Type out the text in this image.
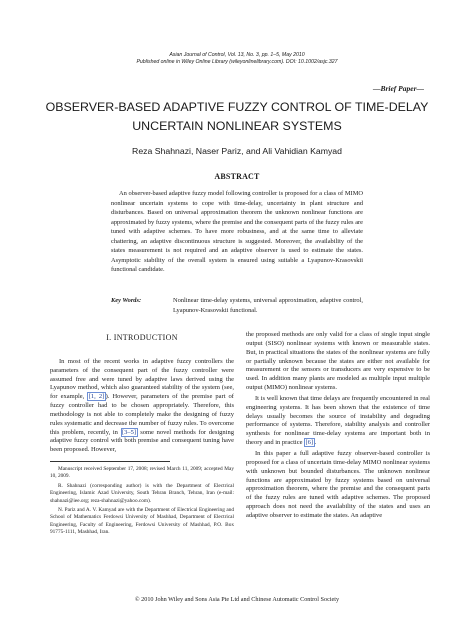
Asian Journal of Control, Vol. 13, No. 3, pp. 1–5, May 2010
Published online in Wiley Online Library (wileyonlinelibrary.com). DOI: 10.1002/asjc.327
—Brief Paper—
OBSERVER-BASED ADAPTIVE FUZZY CONTROL OF TIME-DELAY UNCERTAIN NONLINEAR SYSTEMS
Reza Shahnazi, Naser Pariz, and Ali Vahidian Kamyad
ABSTRACT
An observer-based adaptive fuzzy model following controller is proposed for a class of MIMO nonlinear uncertain systems to cope with time-delay, uncertainty in plant structure and disturbances. Based on universal approximation theorem the unknown nonlinear functions are approximated by fuzzy systems, where the premise and the consequent parts of the fuzzy rules are tuned with adaptive schemes. To have more robustness, and at the same time to alleviate chattering, an adaptive discontinuous structure is suggested. Moreover, the availability of the states measurement is not required and an adaptive observer is used to estimate the states. Asymptotic stability of the overall system is ensured using suitable a Lyapunov-Krasovskii functional candidate.
Key Words:	Nonlinear time-delay systems, universal approximation, adaptive control, Lyapunov-Krasovskii functional.
I. INTRODUCTION

In most of the recent works in adaptive fuzzy controllers the parameters of the consequent part of the fuzzy controller were assumed free and were tuned by adaptive laws derived using the Lyapunov method, which also guaranteed stability of the system (see, for example, [1, 2]). However, parameters of the premise part of fuzzy controller had to be chosen appropriately. Therefore, this methodology is not able to completely make the designing of fuzzy rules systematic and decrease the number of fuzzy rules. To overcome this problem, recently, in [3–5] some novel methods for designing adaptive fuzzy control with both premise and consequent tuning have been proposed. However,

Manuscript received September 17, 2008; revised March 11, 2009; accepted May 10, 2009.

R. Shahnazi (corresponding author) is with the Department of Electrical Engineering, Islamic Azad University, South Tehran Branch, Tehran, Iran (e-mail: shahnazi@iee.org; reza-shahnazi@yahoo.com).

N. Pariz and A. V. Kamyad are with the Department of Electrical Engineering and School of Mathematics Ferdowsi University of Mashhad, Department of Electrical Engineering, Faculty of Engineering, Ferdowsi University of Mashhad, P.O. Box 91775-1111, Mashhad, Iran.

the proposed methods are only valid for a class of single input single output (SISO) nonlinear systems with known or measurable states. But, in practical situations the states of the nonlinear systems are fully or partially unknown because the states are either not available for measurement or the sensors or transducers are very expensive to be used. In addition many plants are modeled as multiple input multiple output (MIMO) nonlinear systems.

It is well known that time delays are frequently encountered in real engineering systems. It has been shown that the existence of time delays usually becomes the source of instability and degrading performance of systems. Therefore, stability analysis and controller synthesis for nonlinear time-delay systems are important both in theory and in practice [6].

In this paper a full adaptive fuzzy observer-based controller is proposed for a class of uncertain time-delay MIMO nonlinear systems with unknown but bounded disturbances. The unknown nonlinear functions are approximated by fuzzy systems based on universal approximation theorem, where the premise and the consequent parts of the fuzzy rules are tuned with adaptive schemes. The proposed approach does not need the availability of the states and uses an adaptive observer to estimate the states. An adaptive

© 2010 John Wiley and Sons Asia Pte Ltd and Chinese Automatic Control Society
